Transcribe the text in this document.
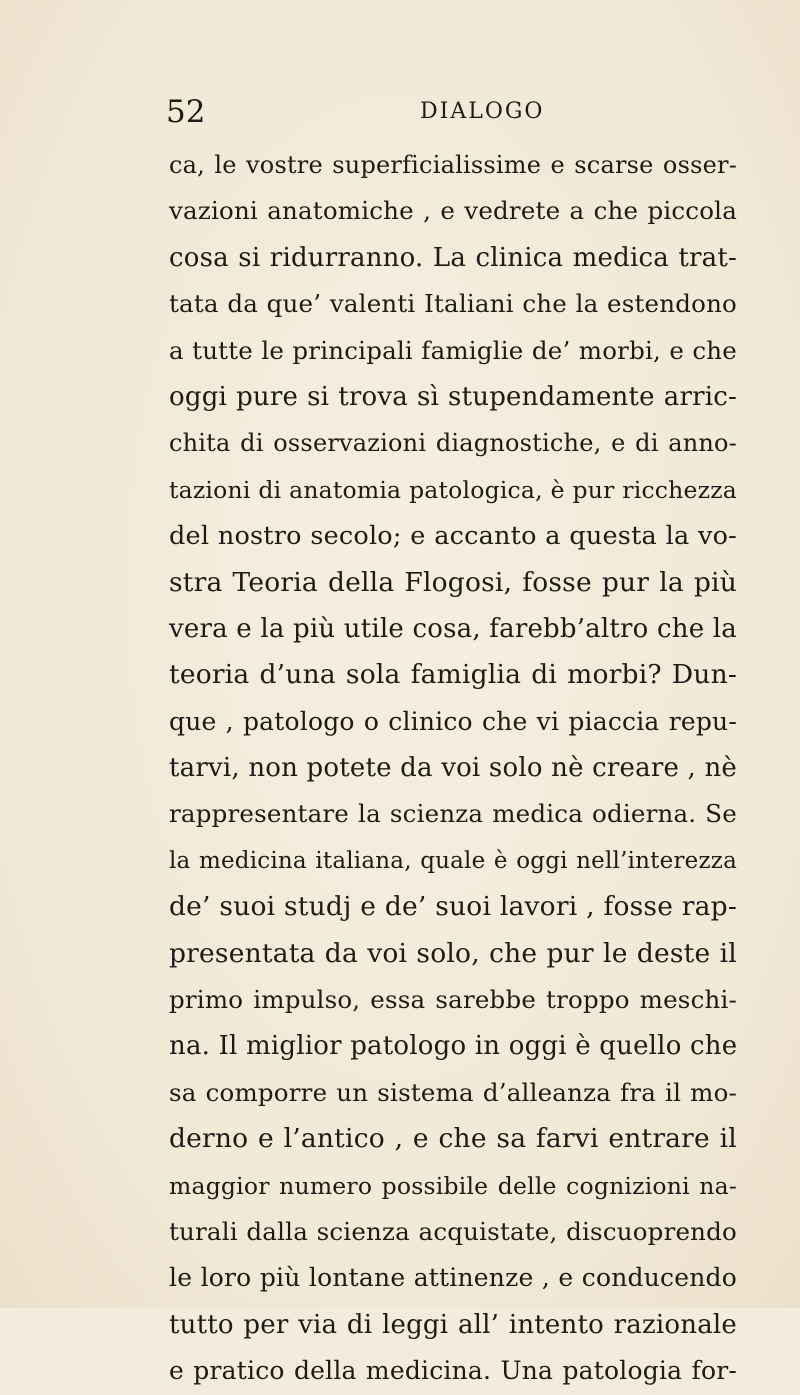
52	DIALOGO
ca, le vostre superficialissime e scarse osser-
vazioni anatomiche , e vedrete a che piccola
cosa si ridurranno. La clinica medica trat-
tata da que’ valenti Italiani che la estendono
a tutte le principali famiglie de’ morbi, e che
oggi pure si trova sì stupendamente arric-
chita di osservazioni diagnostiche, e di anno-
tazioni di anatomia patologica, è pur ricchezza
del nostro secolo; e accanto a questa la vo-
stra Teoria della Flogosi, fosse pur la più
vera e la più utile cosa, farebb’altro che la
teoria d’una sola famiglia di morbi? Dun-
que , patologo o clinico che vi piaccia repu-
tarvi, non potete da voi solo nè creare , nè
rappresentare la scienza medica odierna. Se
la medicina italiana, quale è oggi nell’interezza
de’ suoi studj e de’ suoi lavori , fosse rap-
presentata da voi solo, che pur le deste il
primo impulso, essa sarebbe troppo meschi-
na. Il miglior patologo in oggi è quello che
sa comporre un sistema d’alleanza fra il mo-
derno e l’antico , e che sa farvi entrare il
maggior numero possibile delle cognizioni na-
turali dalla scienza acquistate, discuoprendo
le loro più lontane attinenze , e conducendo
tutto per via di leggi all’ intento razionale
e pratico della medicina. Una patologia for-
